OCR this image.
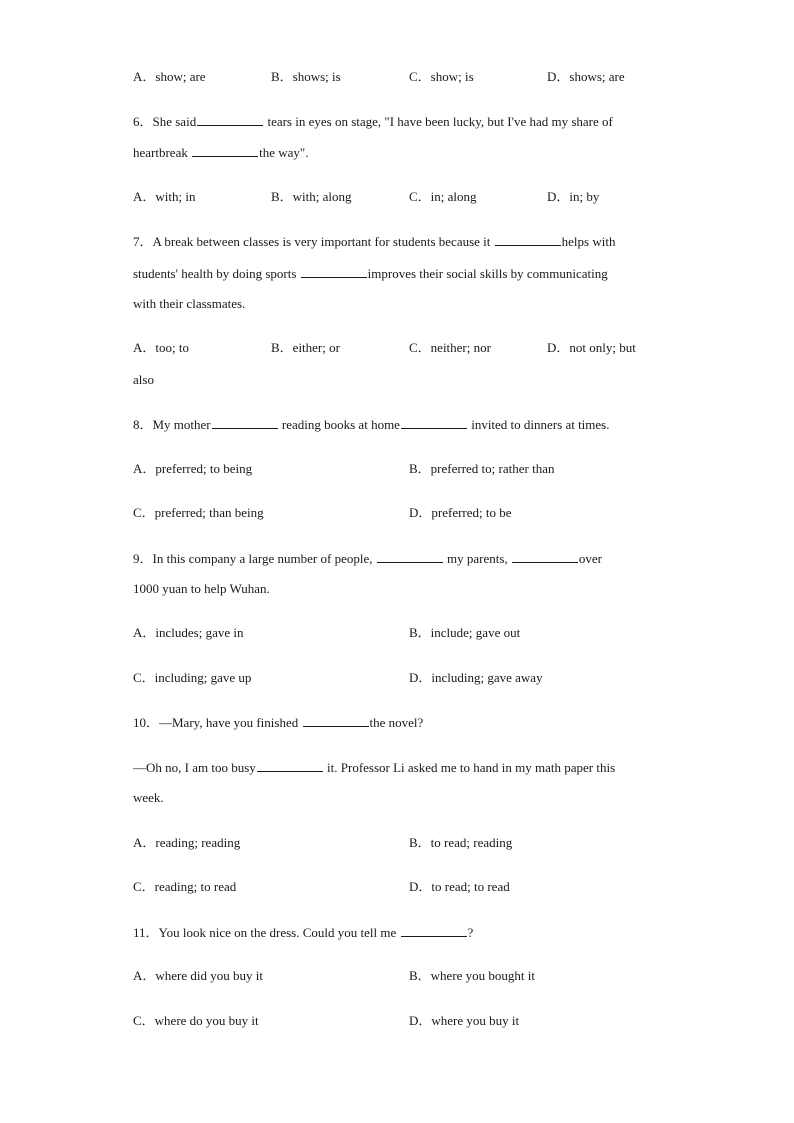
A．show; are	B．shows; is	C．show; is	D．shows; are
6．She said	tears in eyes on stage, "I have been lucky, but I've had my share of
heartbreak	the way".
A．with; in	B．with; along	C．in; along	D．in; by
7．A break between classes is very important for students because it	helps with
students' health by doing sports	improves their social skills by communicating
with their classmates.
A．too; to	B．either; or	C．neither; nor	D．not only; but
also
8．My mother	reading books at home	invited to dinners at times.
A．preferred; to being	B．preferred to; rather than
C．preferred; than being	D．preferred; to be
9．In this company a large number of people,	my parents,	over
1000 yuan to help Wuhan.
A．includes; gave in	B．include; gave out
C．including; gave up	D．including; gave away
10．—Mary, have you finished	the novel?
—Oh no, I am too busy	it. Professor Li asked me to hand in my math paper this
week.
A．reading; reading	B．to read; reading
C．reading; to read	D．to read; to read
11．You look nice on the dress. Could you tell me	?
A．where did you buy it	B．where you bought it
C．where do you buy it	D．where you buy it
